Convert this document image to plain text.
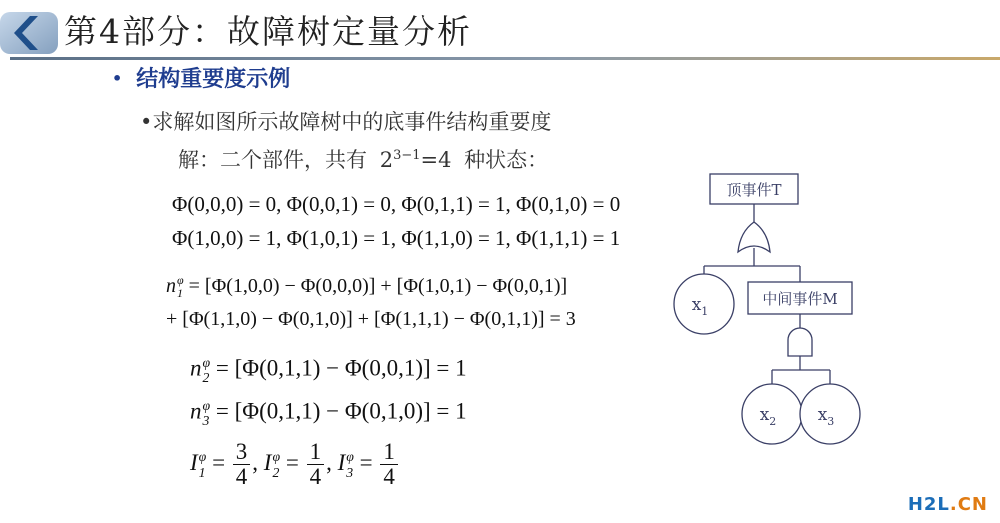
第4部分：故障树定量分析
• 结构重要度示例
•求解如图所示故障树中的底事件结构重要度
解：二个部件，共有 $2^{3-1}=4$ 种状态：
Φ(0,0,0) = 0, Φ(0,0,1) = 0, Φ(0,1,1) = 1, Φ(0,1,0) = 0
Φ(1,0,0) = 1, Φ(1,0,1) = 1, Φ(1,1,0) = 1, Φ(1,1,1) = 1
n φ
1 = [Φ(1,0,0) − Φ(0,0,0)] + [Φ(1,0,1) − Φ(0,0,1)]
+ [Φ(1,1,0) − Φ(0,1,0)] + [Φ(1,1,1) − Φ(0,1,1)] = 3
n φ
2 = [Φ(0,1,1) − Φ(0,0,1)] = 1
n φ
3 = [Φ(0,1,1) − Φ(0,1,0)] = 1
I φ
$1 = \frac{3}{4}$ , I φ
$2 = \frac{1}{4}$ , I φ
$3 = \frac{1}{4}$
顶事件T
$x_1$
中间事件M
$x_2$ $x_3$
H2L.CN
